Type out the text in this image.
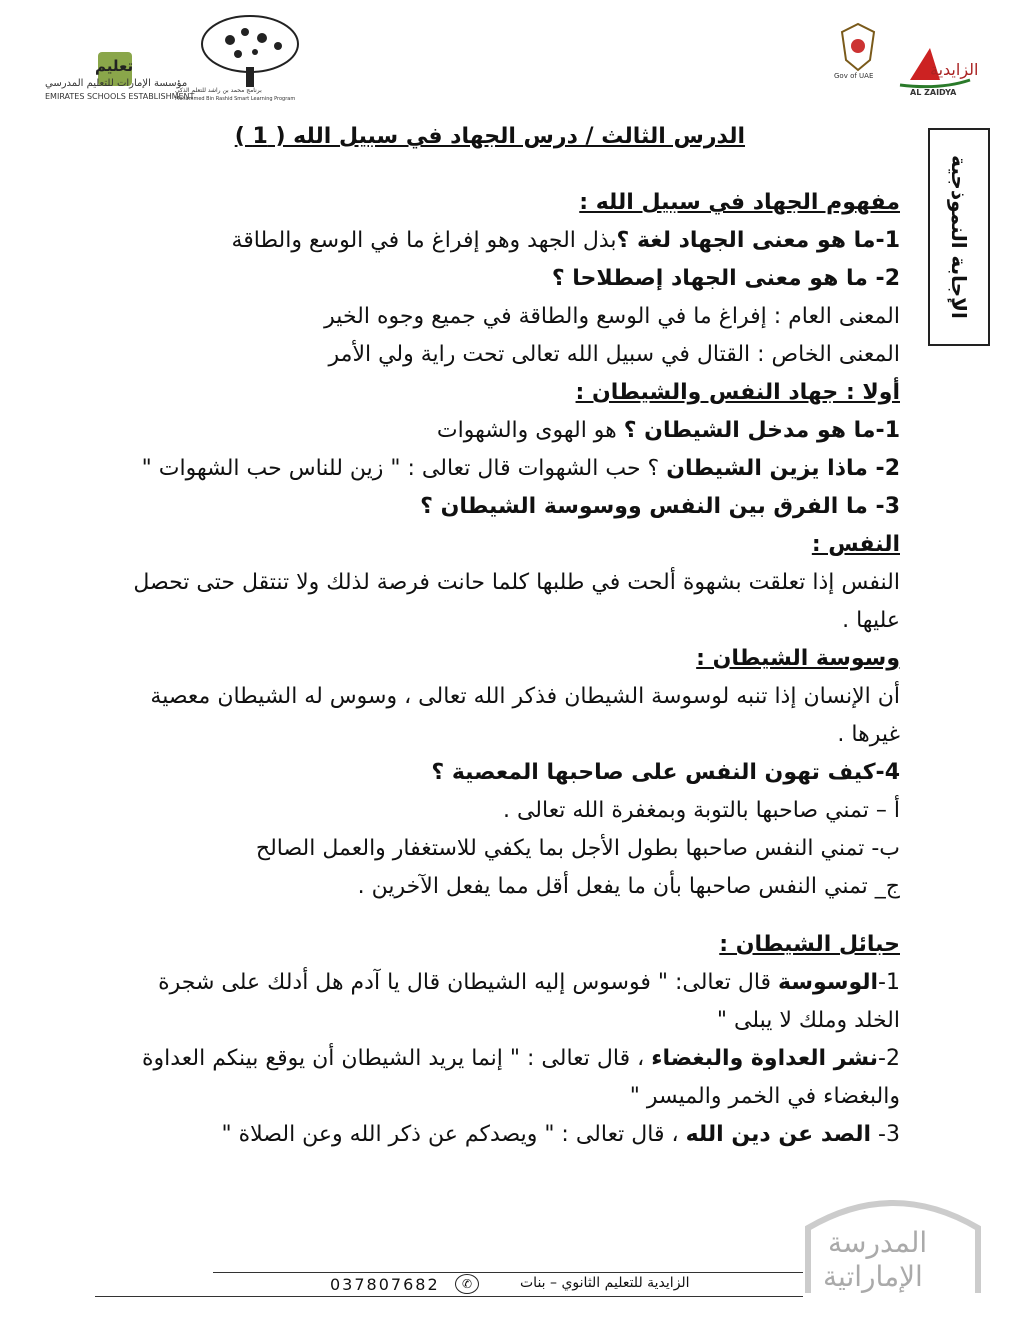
تعليم
مؤسسة الإمارات للتعليم المدرسي
EMIRATES SCHOOLS ESTABLISHMENT
برنامج محمد بن راشد للتعلم الذكي
Mohammed Bin Rashid Smart Learning Program
Gov of UAE	الزايدية
AL ZAIDYA
الإجابة النموذجية
الدرس الثالث / درس الجهاد في سبيل الله ( 1 )
مفهوم الجهاد في سبيل الله :
1-ما هو معنى الجهاد لغة ؟بذل الجهد وهو إفراغ ما في الوسع والطاقة
2- ما هو معنى الجهاد إصطلاحا ؟
المعنى العام : إفراغ ما في الوسع والطاقة في جميع وجوه الخير
المعنى الخاص : القتال في سبيل الله تعالى تحت راية ولي الأمر
أولا : جهاد النفس والشيطان :
1-ما هو مدخل الشيطان ؟ هو الهوى والشهوات
2- ماذا يزين الشيطان ؟ حب الشهوات قال تعالى : " زين للناس حب الشهوات "
3- ما الفرق بين النفس ووسوسة الشيطان ؟
النفس :
النفس إذا تعلقت بشهوة ألحت في طلبها كلما حانت فرصة لذلك ولا تنتقل حتى تحصل عليها .
وسوسة الشيطان :
أن الإنسان إذا تنبه لوسوسة الشيطان فذكر الله تعالى ، وسوس له الشيطان معصية غيرها .
4-كيف تهون النفس على صاحبها المعصية ؟
أ – تمني صاحبها بالتوبة وبمغفرة الله تعالى .
ب- تمني النفس صاحبها بطول الأجل بما يكفي للاستغفار والعمل الصالح
ج_ تمني النفس صاحبها بأن ما يفعل أقل مما يفعل الآخرين .
حبائل الشيطان :
1-الوسوسة قال تعالى: " فوسوس إليه الشيطان قال يا آدم هل أدلك على شجرة الخلد وملك لا يبلى "
2-نشر العداوة والبغضاء ، قال تعالى : " إنما يريد الشيطان أن يوقع بينكم العداوة والبغضاء في الخمر والميسر "
3- الصد عن دين الله ، قال تعالى : " ويصدكم عن ذكر الله وعن الصلاة "
المدرسة
الإماراتية
037807682	✆	الزايدية للتعليم الثانوي – بنات
